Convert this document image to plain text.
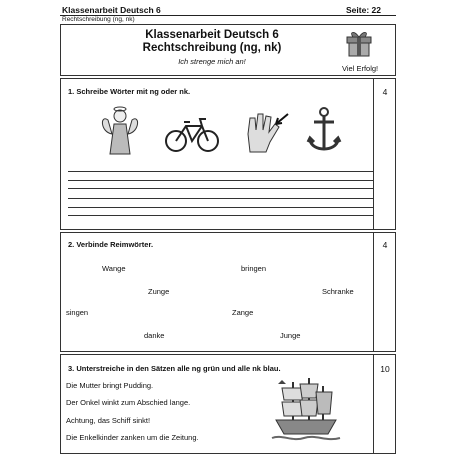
Klassenarbeit Deutsch 6	Seite: 22
Rechtschreibung (ng, nk)
Klassenarbeit Deutsch 6
Rechtschreibung (ng, nk)
Ich strenge mich an!
Viel Erfolg!
1. Schreibe Wörter mit ng oder nk.	4
2. Verbinde Reimwörter.	4
Wange	bringen
Zunge	Schranke
singen	Zange
danke	Junge
3. Unterstreiche in den Sätzen alle ng grün und alle nk blau.	10
Die Mutter bringt Pudding.
Der Onkel winkt zum Abschied lange.
Achtung, das Schiff sinkt!
Die Enkelkinder zanken um die Zeitung.
